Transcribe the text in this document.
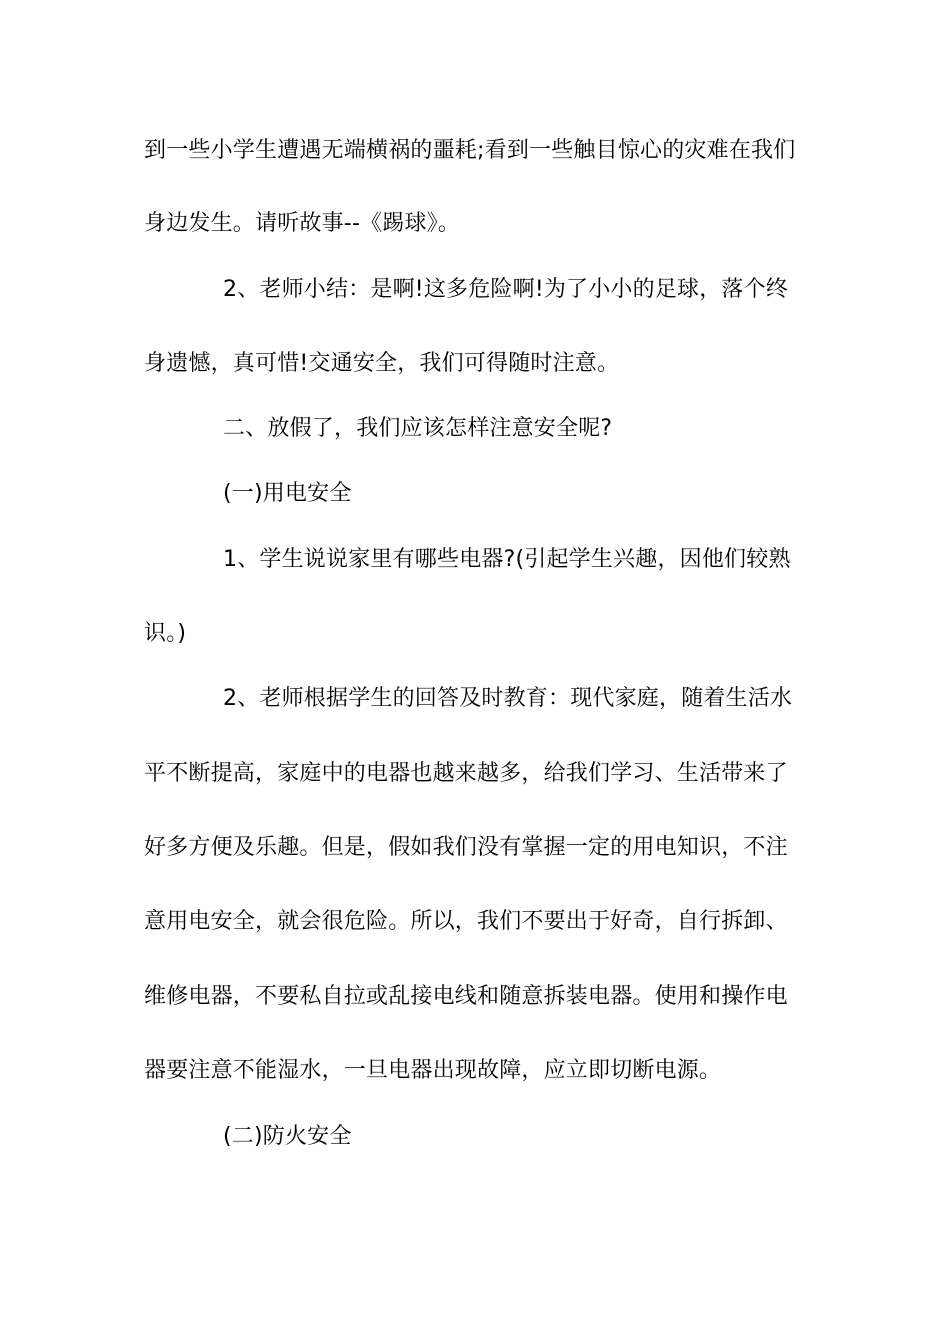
到一些小学生遭遇无端横祸的噩耗;看到一些触目惊心的灾难在我们
身边发生。请听故事--《踢球》。
2、老师小结：是啊!这多危险啊!为了小小的足球，落个终
身遗憾，真可惜!交通安全，我们可得随时注意。
二、放假了，我们应该怎样注意安全呢?
(一)用电安全
1、学生说说家里有哪些电器?(引起学生兴趣，因他们较熟
识。)
2、老师根据学生的回答及时教育：现代家庭，随着生活水
平不断提高，家庭中的电器也越来越多，给我们学习、生活带来了
好多方便及乐趣。但是，假如我们没有掌握一定的用电知识，不注
意用电安全，就会很危险。所以，我们不要出于好奇，自行拆卸、
维修电器，不要私自拉或乱接电线和随意拆装电器。使用和操作电
器要注意不能湿水，一旦电器出现故障，应立即切断电源。
(二)防火安全
